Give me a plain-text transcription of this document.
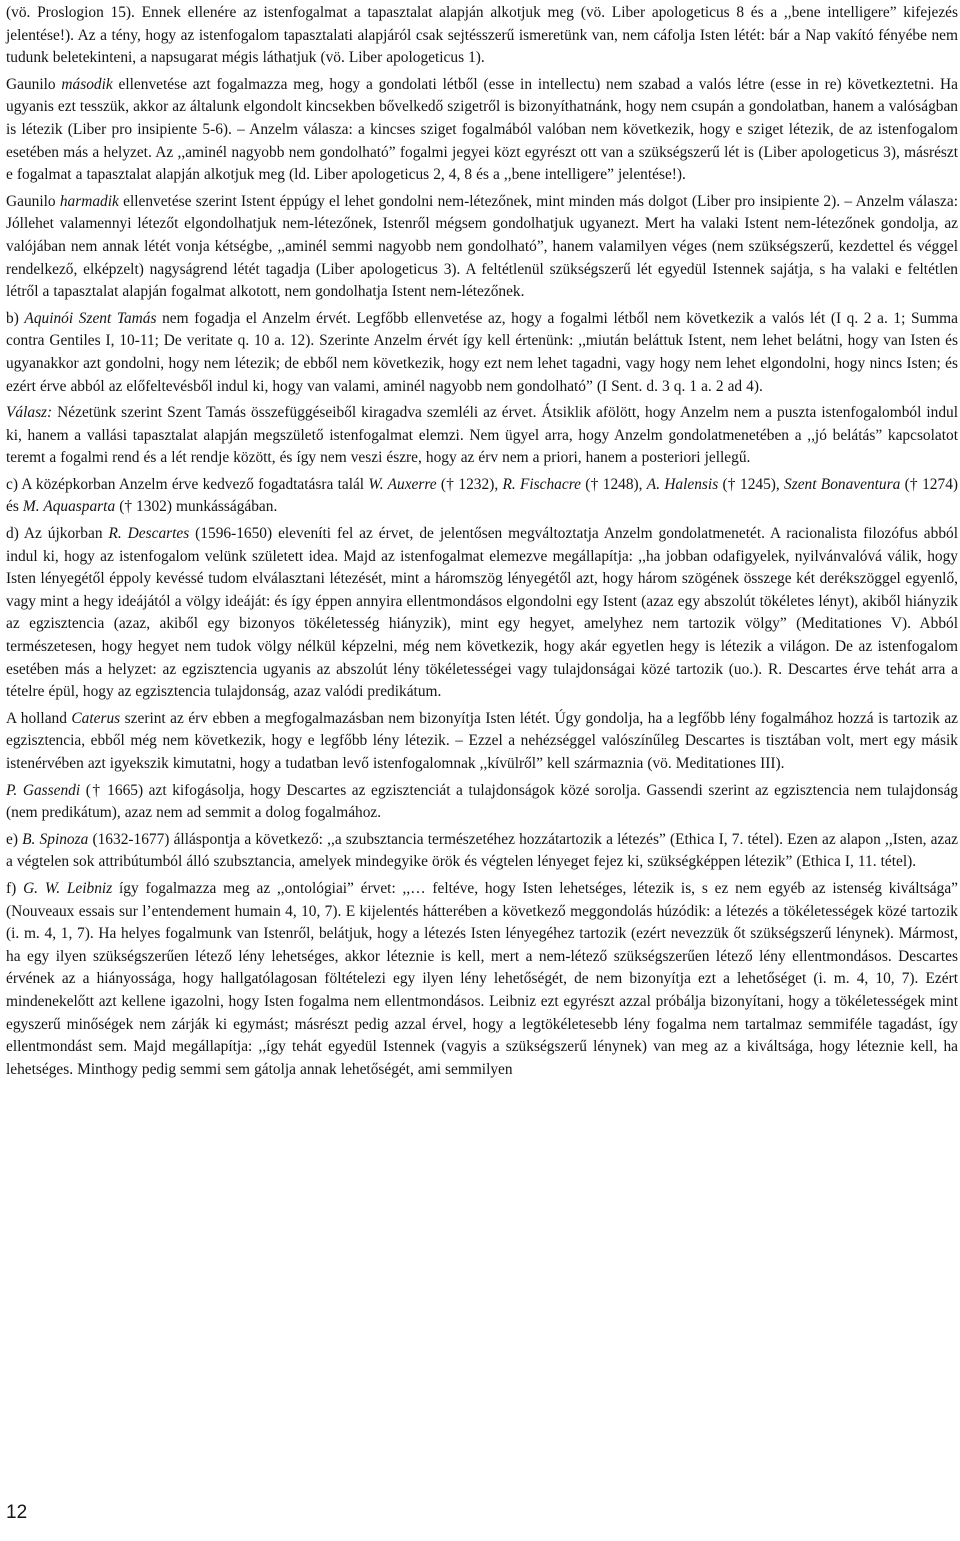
(vö. Proslogion 15). Ennek ellenére az istenfogalmat a tapasztalat alapján alkotjuk meg (vö. Liber apologeticus 8 és a ,,bene intelligere” kifejezés jelentése!). Az a tény, hogy az istenfogalom tapasztalati alapjáról csak sejtésszerű ismeretünk van, nem cáfolja Isten létét: bár a Nap vakító fényébe nem tudunk beletekinteni, a napsugarat mégis láthatjuk (vö. Liber apologeticus 1).

Gaunilo második ellenvetése azt fogalmazza meg, hogy a gondolati létből (esse in intellectu) nem szabad a valós létre (esse in re) következtetni. Ha ugyanis ezt tesszük, akkor az általunk elgondolt kincsekben bővelkedő szigetről is bizonyíthatnánk, hogy nem csupán a gondolatban, hanem a valóságban is létezik (Liber pro insipiente 5-6). – Anzelm válasza: a kincses sziget fogalmából valóban nem következik, hogy e sziget létezik, de az istenfogalom esetében más a helyzet. Az ,,aminél nagyobb nem gondolható” fogalmi jegyei közt egyrészt ott van a szükségszerű lét is (Liber apologeticus 3), másrészt e fogalmat a tapasztalat alapján alkotjuk meg (ld. Liber apologeticus 2, 4, 8 és a ,,bene intelligere” jelentése!).

Gaunilo harmadik ellenvetése szerint Istent éppúgy el lehet gondolni nem-létezőnek, mint minden más dolgot (Liber pro insipiente 2). – Anzelm válasza: Jóllehet valamennyi létezőt elgondolhatjuk nem-létezőnek, Istenről mégsem gondolhatjuk ugyanezt. Mert ha valaki Istent nem-létezőnek gondolja, az valójában nem annak létét vonja kétségbe, ,,aminél semmi nagyobb nem gondolható”, hanem valamilyen véges (nem szükségszerű, kezdettel és véggel rendelkező, elképzelt) nagyságrend létét tagadja (Liber apologeticus 3). A feltétlenül szükségszerű lét egyedül Istennek sajátja, s ha valaki e feltétlen létről a tapasztalat alapján fogalmat alkotott, nem gondolhatja Istent nem-létezőnek.

b) Aquinói Szent Tamás nem fogadja el Anzelm érvét. Legfőbb ellenvetése az, hogy a fogalmi létből nem következik a valós lét (I q. 2 a. 1; Summa contra Gentiles I, 10-11; De veritate q. 10 a. 12). Szerinte Anzelm érvét így kell értenünk: ,,miután beláttuk Istent, nem lehet belátni, hogy van Isten és ugyanakkor azt gondolni, hogy nem létezik; de ebből nem következik, hogy ezt nem lehet tagadni, vagy hogy nem lehet elgondolni, hogy nincs Isten; és ezért érve abból az előfeltevésből indul ki, hogy van valami, aminél nagyobb nem gondolható” (I Sent. d. 3 q. 1 a. 2 ad 4).

Válasz: Nézetünk szerint Szent Tamás összefüggéseiből kiragadva szemléli az érvet. Átsiklik afölött, hogy Anzelm nem a puszta istenfogalomból indul ki, hanem a vallási tapasztalat alapján megszülető istenfogalmat elemzi. Nem ügyel arra, hogy Anzelm gondolatmenetében a ,,jó belátás” kapcsolatot teremt a fogalmi rend és a lét rendje között, és így nem veszi észre, hogy az érv nem a priori, hanem a posteriori jellegű.

c) A középkorban Anzelm érve kedvező fogadtatásra talál W. Auxerre († 1232), R. Fischacre († 1248), A. Halensis († 1245), Szent Bonaventura († 1274) és M. Aquasparta († 1302) munkásságában.

d) Az újkorban R. Descartes (1596-1650) eleveníti fel az érvet, de jelentősen megváltoztatja Anzelm gondolatmenetét. A racionalista filozófus abból indul ki, hogy az istenfogalom velünk született idea. Majd az istenfogalmat elemezve megállapítja: ,,ha jobban odafigyelek, nyilvánvalóvá válik, hogy Isten lényegétől éppoly kevéssé tudom elválasztani létezését, mint a háromszög lényegétől azt, hogy három szögének összege két derékszöggel egyenlő, vagy mint a hegy ideájától a völgy ideáját: és így éppen annyira ellentmondásos elgondolni egy Istent (azaz egy abszolút tökéletes lényt), akiből hiányzik az egzisztencia (azaz, akiből egy bizonyos tökéletesség hiányzik), mint egy hegyet, amelyhez nem tartozik völgy” (Meditationes V). Abból természetesen, hogy hegyet nem tudok völgy nélkül képzelni, még nem következik, hogy akár egyetlen hegy is létezik a világon. De az istenfogalom esetében más a helyzet: az egzisztencia ugyanis az abszolút lény tökéletességei vagy tulajdonságai közé tartozik (uo.). R. Descartes érve tehát arra a tételre épül, hogy az egzisztencia tulajdonság, azaz valódi predikátum.

A holland Caterus szerint az érv ebben a megfogalmazásban nem bizonyítja Isten létét. Úgy gondolja, ha a legfőbb lény fogalmához hozzá is tartozik az egzisztencia, ebből még nem következik, hogy e legfőbb lény létezik. – Ezzel a nehézséggel valószínűleg Descartes is tisztában volt, mert egy másik istenérvében azt igyekszik kimutatni, hogy a tudatban levő istenfogalomnak ,,kívülről” kell származnia (vö. Meditationes III).

P. Gassendi († 1665) azt kifogásolja, hogy Descartes az egzisztenciát a tulajdonságok közé sorolja. Gassendi szerint az egzisztencia nem tulajdonság (nem predikátum), azaz nem ad semmit a dolog fogalmához.

e) B. Spinoza (1632-1677) álláspontja a következő: ,,a szubsztancia természetéhez hozzátartozik a létezés” (Ethica I, 7. tétel). Ezen az alapon ,,Isten, azaz a végtelen sok attribútumból álló szubsztancia, amelyek mindegyike örök és végtelen lényeget fejez ki, szükségképpen létezik” (Ethica I, 11. tétel).

f) G. W. Leibniz így fogalmazza meg az ,,ontológiai” érvet: ,,… feltéve, hogy Isten lehetséges, létezik is, s ez nem egyéb az istenség kiváltsága” (Nouveaux essais sur l’entendement humain 4, 10, 7). E kijelentés hátterében a következő meggondolás húzódik: a létezés a tökéletességek közé tartozik (i. m. 4, 1, 7). Ha helyes fogalmunk van Istenről, belátjuk, hogy a létezés Isten lényegéhez tartozik (ezért nevezzük őt szükségszerű lénynek). Mármost, ha egy ilyen szükségszerűen létező lény lehetséges, akkor léteznie is kell, mert a nem-létező szükségszerűen létező lény ellentmondásos. Descartes érvének az a hiányossága, hogy hallgatólagosan föltételezi egy ilyen lény lehetőségét, de nem bizonyítja ezt a lehetőséget (i. m. 4, 10, 7). Ezért mindenekelőtt azt kellene igazolni, hogy Isten fogalma nem ellentmondásos. Leibniz ezt egyrészt azzal próbálja bizonyítani, hogy a tökéletességek mint egyszerű minőségek nem zárják ki egymást; másrészt pedig azzal érvel, hogy a legtökéletesebb lény fogalma nem tartalmaz semmiféle tagadást, így ellentmondást sem. Majd megállapítja: ,,így tehát egyedül Istennek (vagyis a szükségszerű lénynek) van meg az a kiváltsága, hogy léteznie kell, ha lehetséges. Minthogy pedig semmi sem gátolja annak lehetőségét, ami semmilyen

12
